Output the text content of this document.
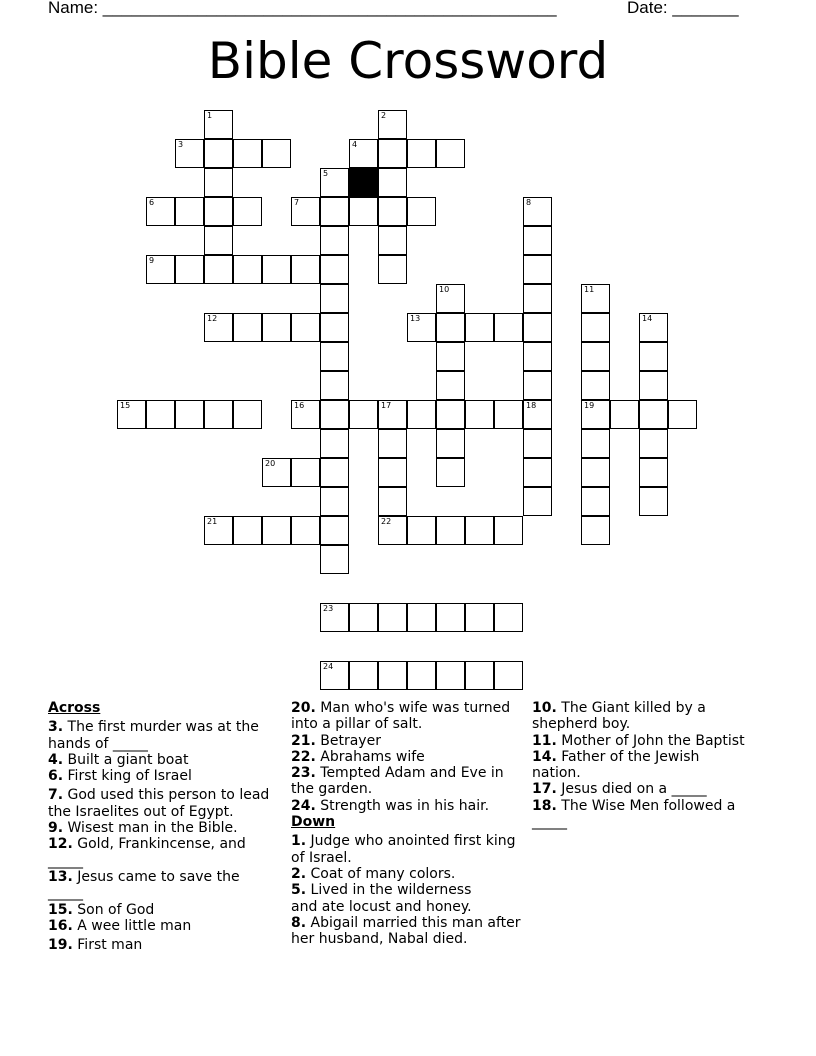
Name: ________________________________________________	Date: _______
Bible Crossword
3	4
6	7
9
12	13
15	16	17	18	19
20
21	22
23
24
1	2
5
8
10	11
14
Across
3. The first murder was at the hands of _____
4. Built a giant boat
6. First king of Israel
7. God used this person to lead the Israelites out of Egypt.
9. Wisest man in the Bible.
12. Gold, Frankincense, and _____
13. Jesus came to save the _____
15. Son of God
16. A wee little man
19. First man
20. Man who's wife was turned into a pillar of salt.
21. Betrayer
22. Abrahams wife
23. Tempted Adam and Eve in the garden.
24. Strength was in his hair.
Down
1. Judge who anointed first king of Israel.
2. Coat of many colors.
5. Lived in the wilderness and ate locust and honey.
8. Abigail married this man after her husband, Nabal died.
10. The Giant killed by a shepherd boy.
11. Mother of John the Baptist
14. Father of the Jewish nation.
17. Jesus died on a _____
18. The Wise Men followed a _____
